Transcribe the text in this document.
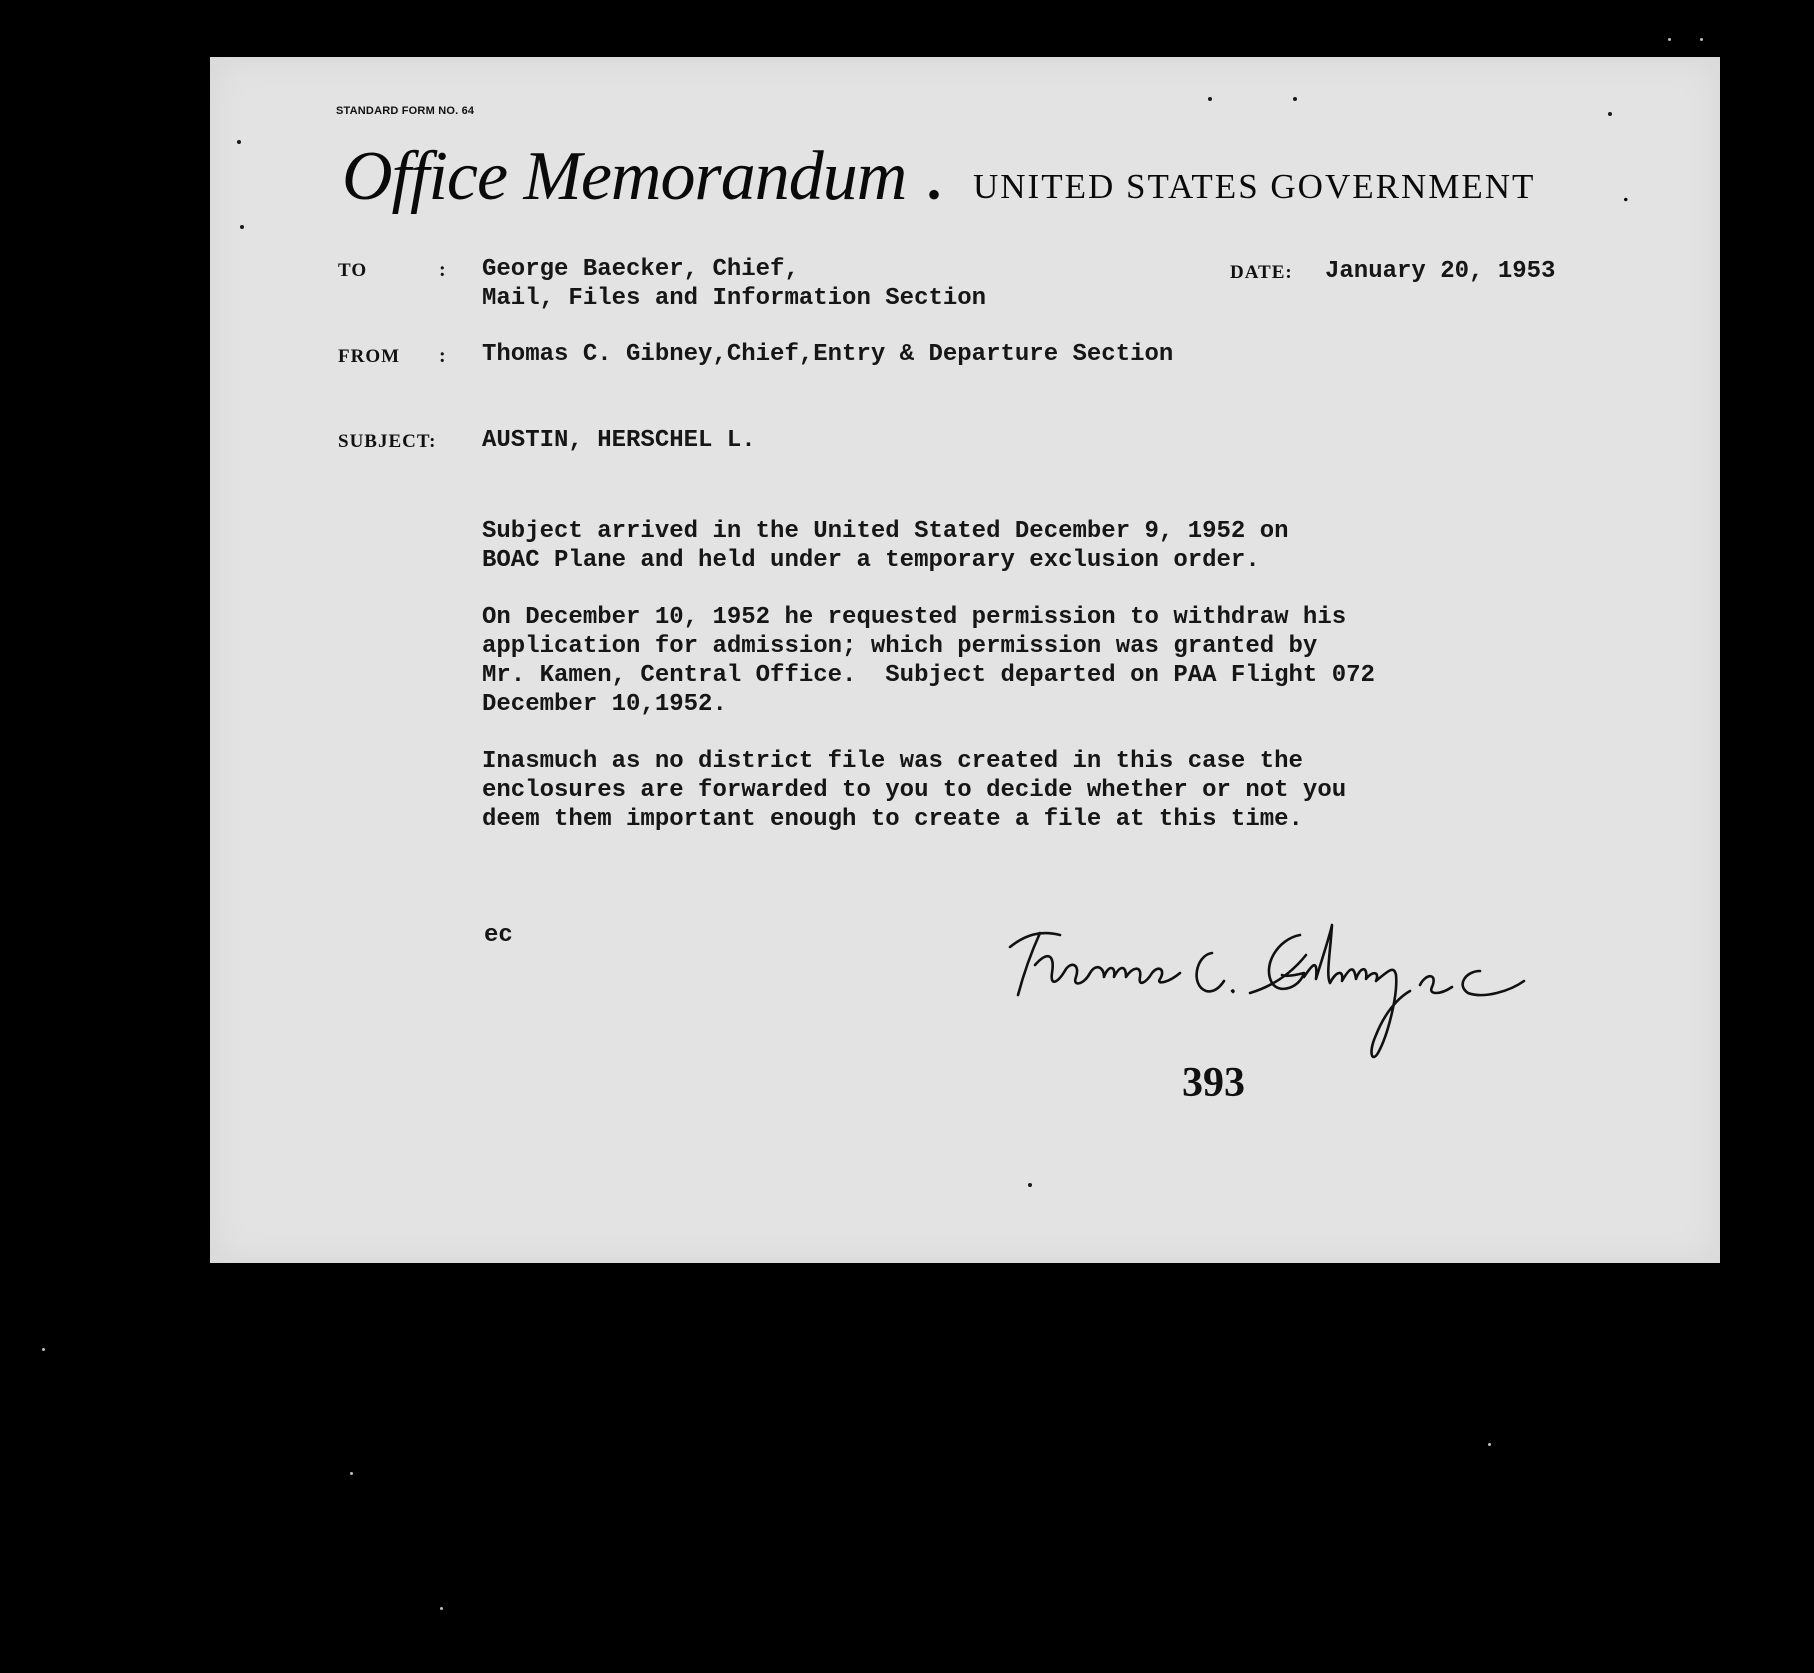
STANDARD FORM NO. 64
Office Memorandum • UNITED STATES GOVERNMENT	.
TO	: George Baecker, Chief,
Mail, Files and Information Section
DATE: January 20, 1953
FROM : Thomas C. Gibney,Chief,Entry & Departure Section
SUBJECT: AUSTIN, HERSCHEL L.
Subject arrived in the United Stated December 9, 1952 on
BOAC Plane and held under a temporary exclusion order.
On December 10, 1952 he requested permission to withdraw his
application for admission; which permission was granted by
Mr. Kamen, Central Office.  Subject departed on PAA Flight 072
December 10,1952.
Inasmuch as no district file was created in this case the
enclosures are forwarded to you to decide whether or not you
deem them important enough to create a file at this time.
ec
393
